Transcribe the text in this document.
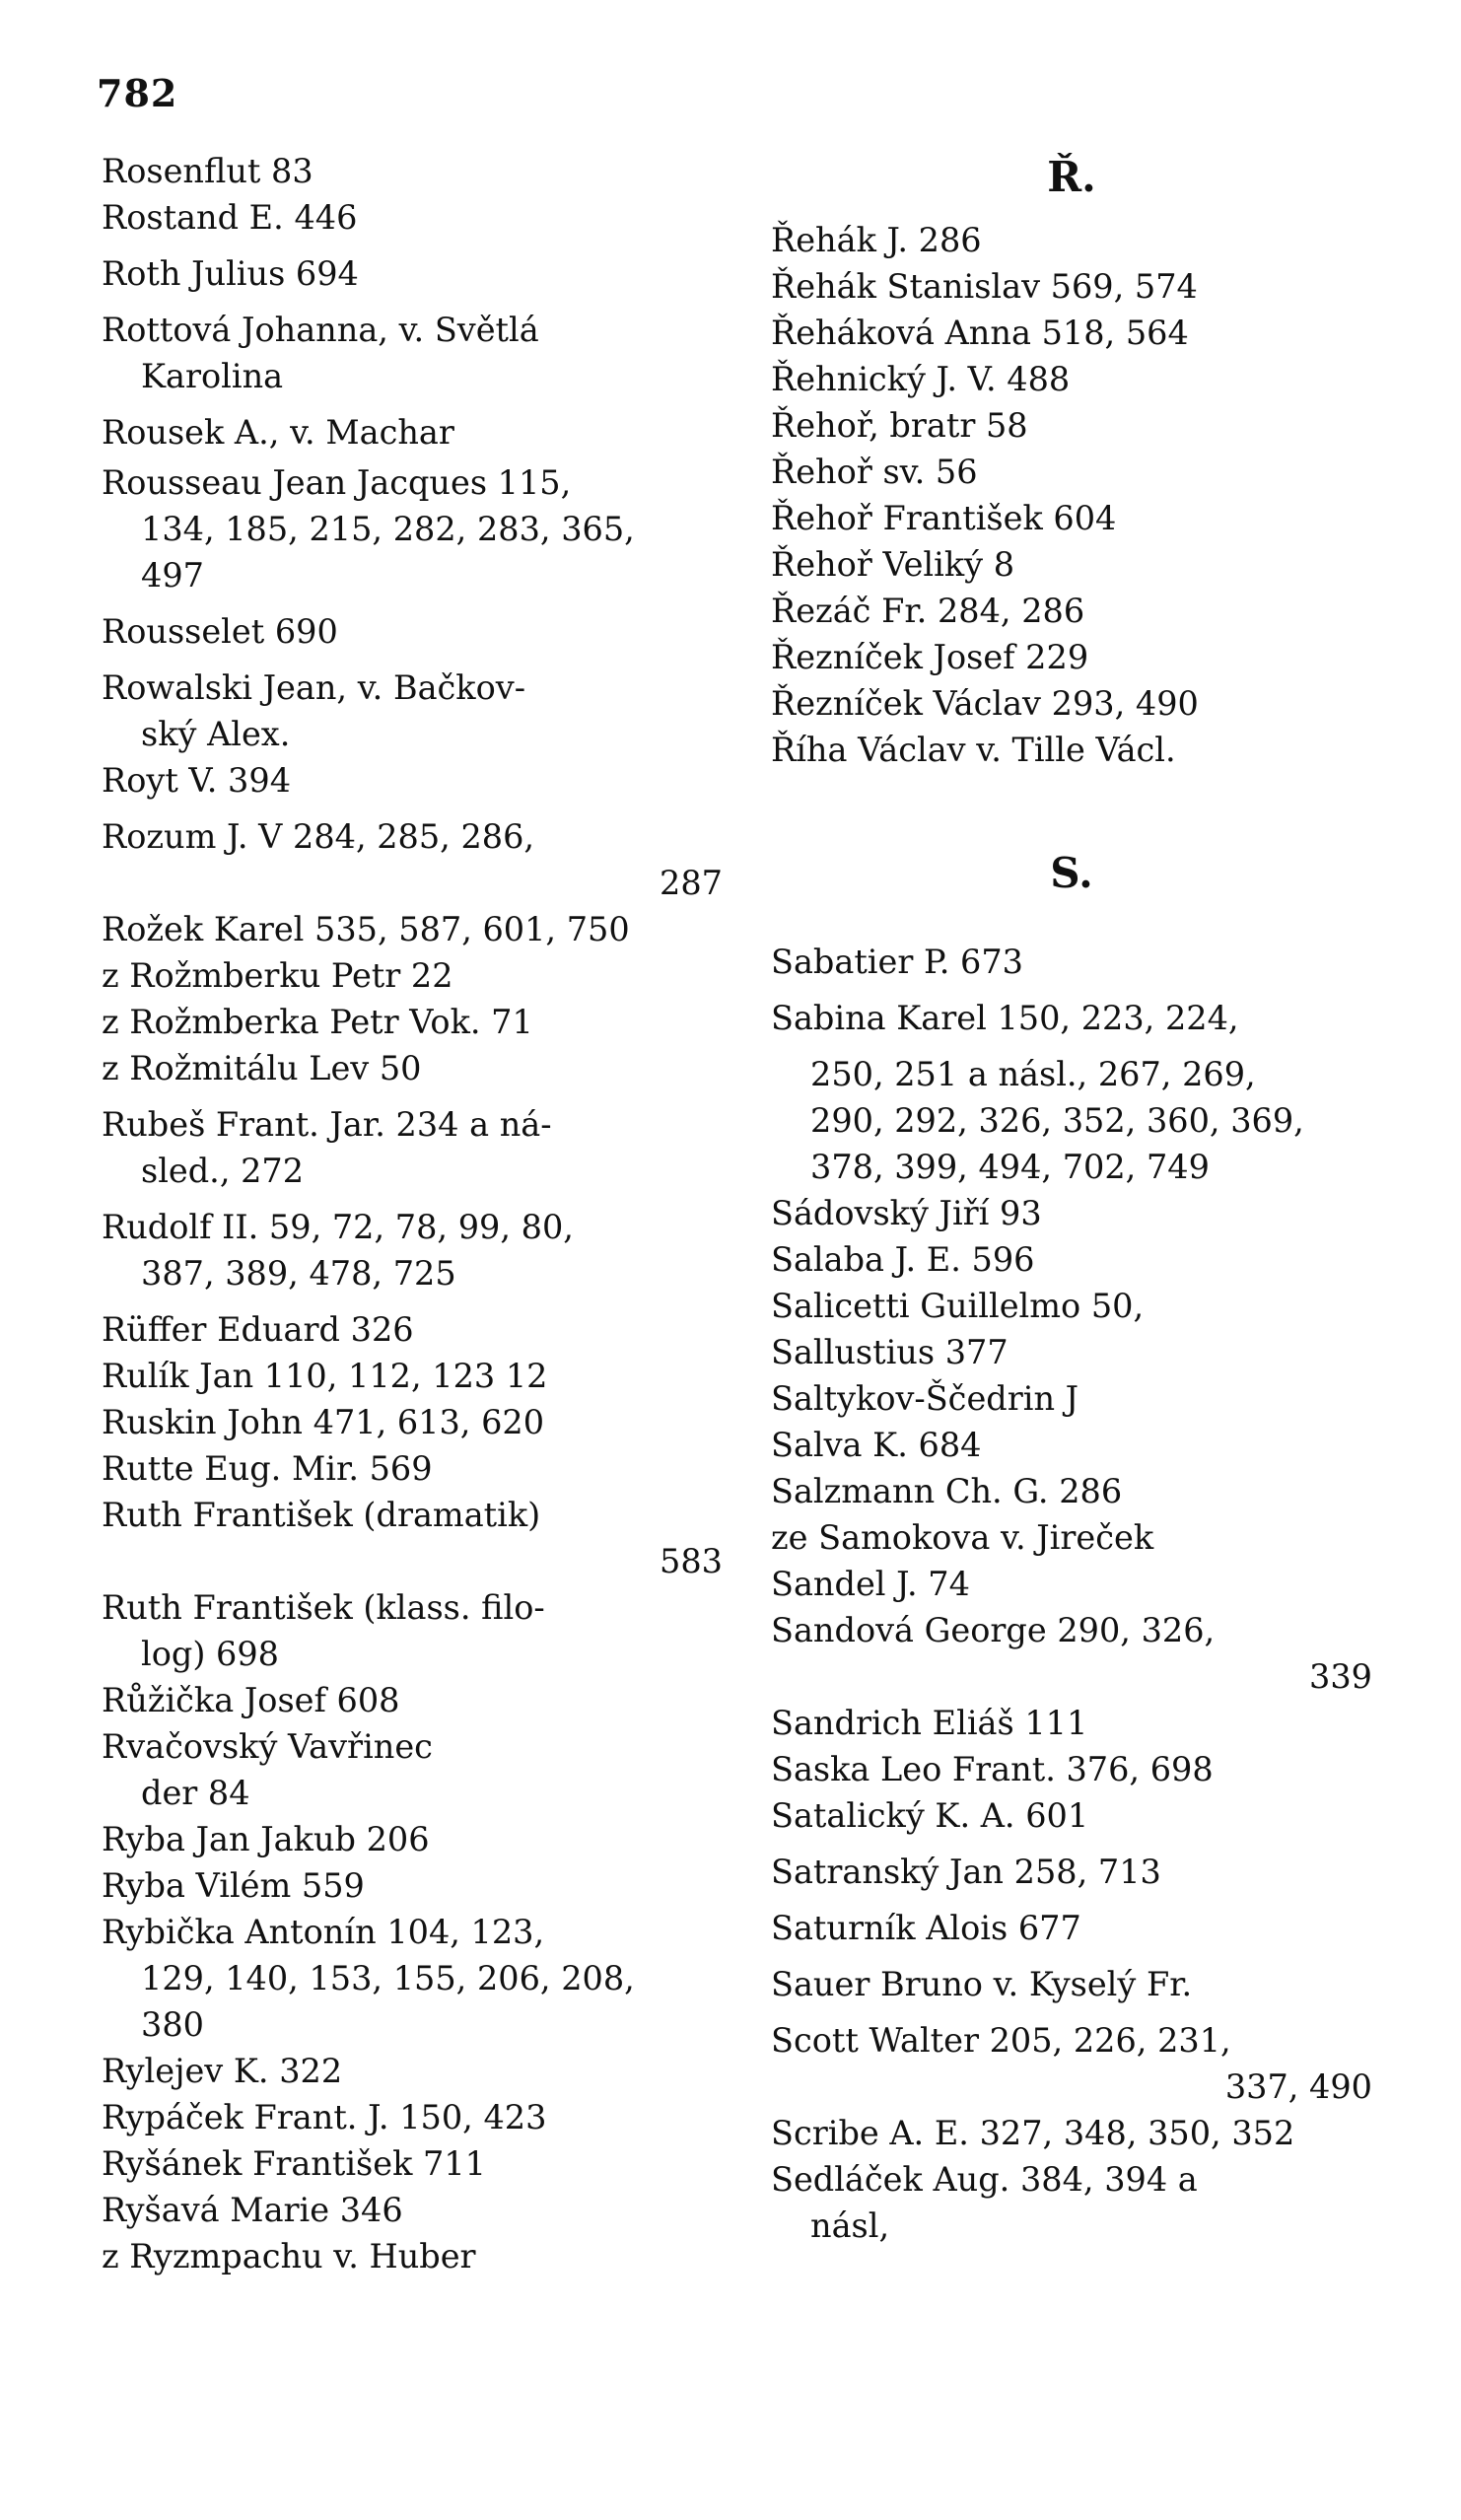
782

Rosenflut 83

Rostand E. 446

Roth Julius 694

Rottová Johanna, v. Světlá
Karolina

Rousek A., v. Machar

Rousseau Jean Jacques 115,
134, 185, 215, 282, 283, 365,
497

Rousselet 690

Rowalski Jean, v. Bačkov-
ský Alex.

Royt V. 394

Rozum J. V 284, 285, 286,
287

Rožek Karel 535, 587, 601, 750

z Rožmberku Petr 22

z Rožmberka Petr Vok. 71

z Rožmitálu Lev 50

Rubeš Frant. Jar. 234 a ná-
sled., 272

Rudolf II. 59, 72, 78, 99, 80,
387, 389, 478, 725

Rüffer Eduard 326

Rulík Jan 110, 112, 123 12

Ruskin John 471, 613, 620

Rutte Eug. Mir. 569

Ruth František (dramatik)
583

Ruth František (klass. filo-
log) 698

Růžička Josef 608

Rvačovský Vavřinec
der 84

Ryba Jan Jakub 206

Ryba Vilém 559

Rybička Antonín 104, 123,
129, 140, 153, 155, 206, 208,
380

Rylejev K. 322

Rypáček Frant. J. 150, 423

Ryšánek František 711

Ryšavá Marie 346

z Ryzmpachu v. Huber

Ř.

Řehák J. 286

Řehák Stanislav 569, 574

Řeháková Anna 518, 564

Řehnický J. V. 488

Řehoř, bratr 58

Řehoř sv. 56

Řehoř František 604

Řehoř Veliký 8

Řezáč Fr. 284, 286

Řezníček Josef 229

Řezníček Václav 293, 490

Říha Václav v. Tille Václ.

S.

Sabatier P. 673

Sabina Karel 150, 223, 224,
250, 251 a násl., 267, 269,
290, 292, 326, 352, 360, 369,
378, 399, 494, 702, 749

Sádovský Jiří 93

Salaba J. E. 596

Salicetti Guillelmo 50,

Sallustius 377

Saltykov-Ščedrin J

Salva K. 684

Salzmann Ch. G. 286

ze Samokova v. Jireček

Sandel J. 74

Sandová George 290, 326,
339

Sandrich Eliáš 111

Saska Leo Frant. 376, 698

Satalický K. A. 601

Satranský Jan 258, 713

Saturník Alois 677

Sauer Bruno v. Kyselý Fr.

Scott Walter 205, 226, 231,
337, 490

Scribe A. E. 327, 348, 350, 352

Sedláček Aug. 384, 394 a
násl,
